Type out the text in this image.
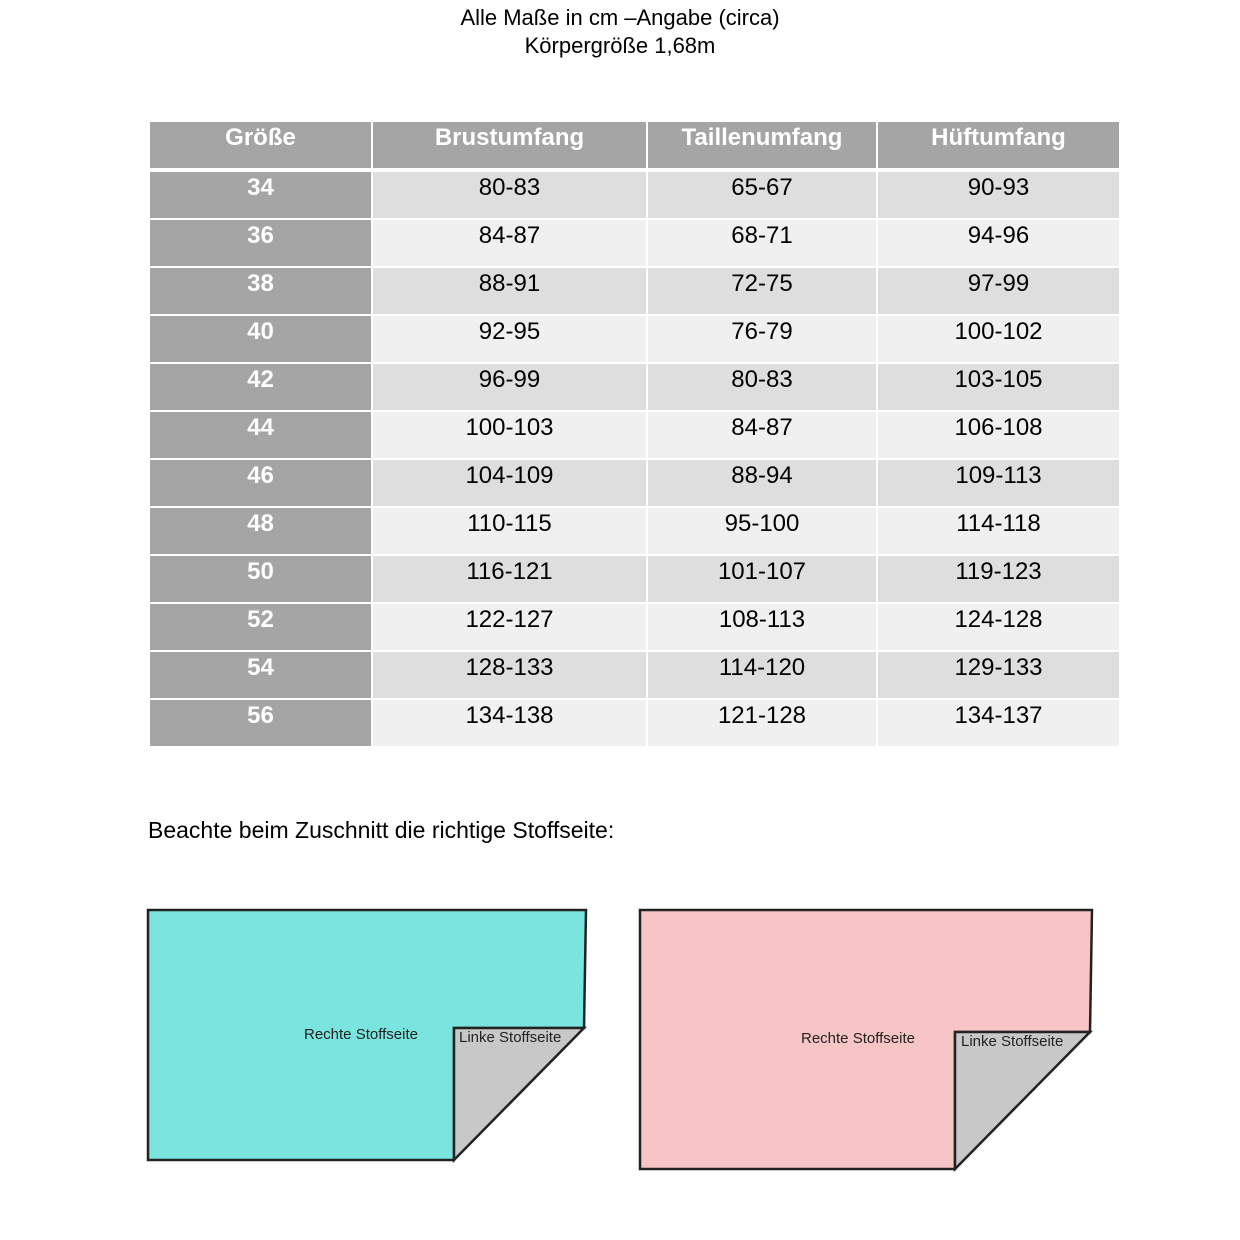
Alle Maße in cm –Angabe (circa)
Körpergröße 1,68m
Größe	Brustumfang	Taillenumfang	Hüftumfang
34	80-83	65-67	90-93
36	84-87	68-71	94-96
38	88-91	72-75	97-99
40	92-95	76-79	100-102
42	96-99	80-83	103-105
44	100-103	84-87	106-108
46	104-109	88-94	109-113
48	110-115	95-100	114-118
50	116-121	101-107	119-123
52	122-127	108-113	124-128
54	128-133	114-120	129-133
56	134-138	121-128	134-137
Beachte beim Zuschnitt die richtige Stoffseite:
Rechte Stoffseite	Linke Stoffseite	Rechte Stoffseite	Linke Stoffseite
